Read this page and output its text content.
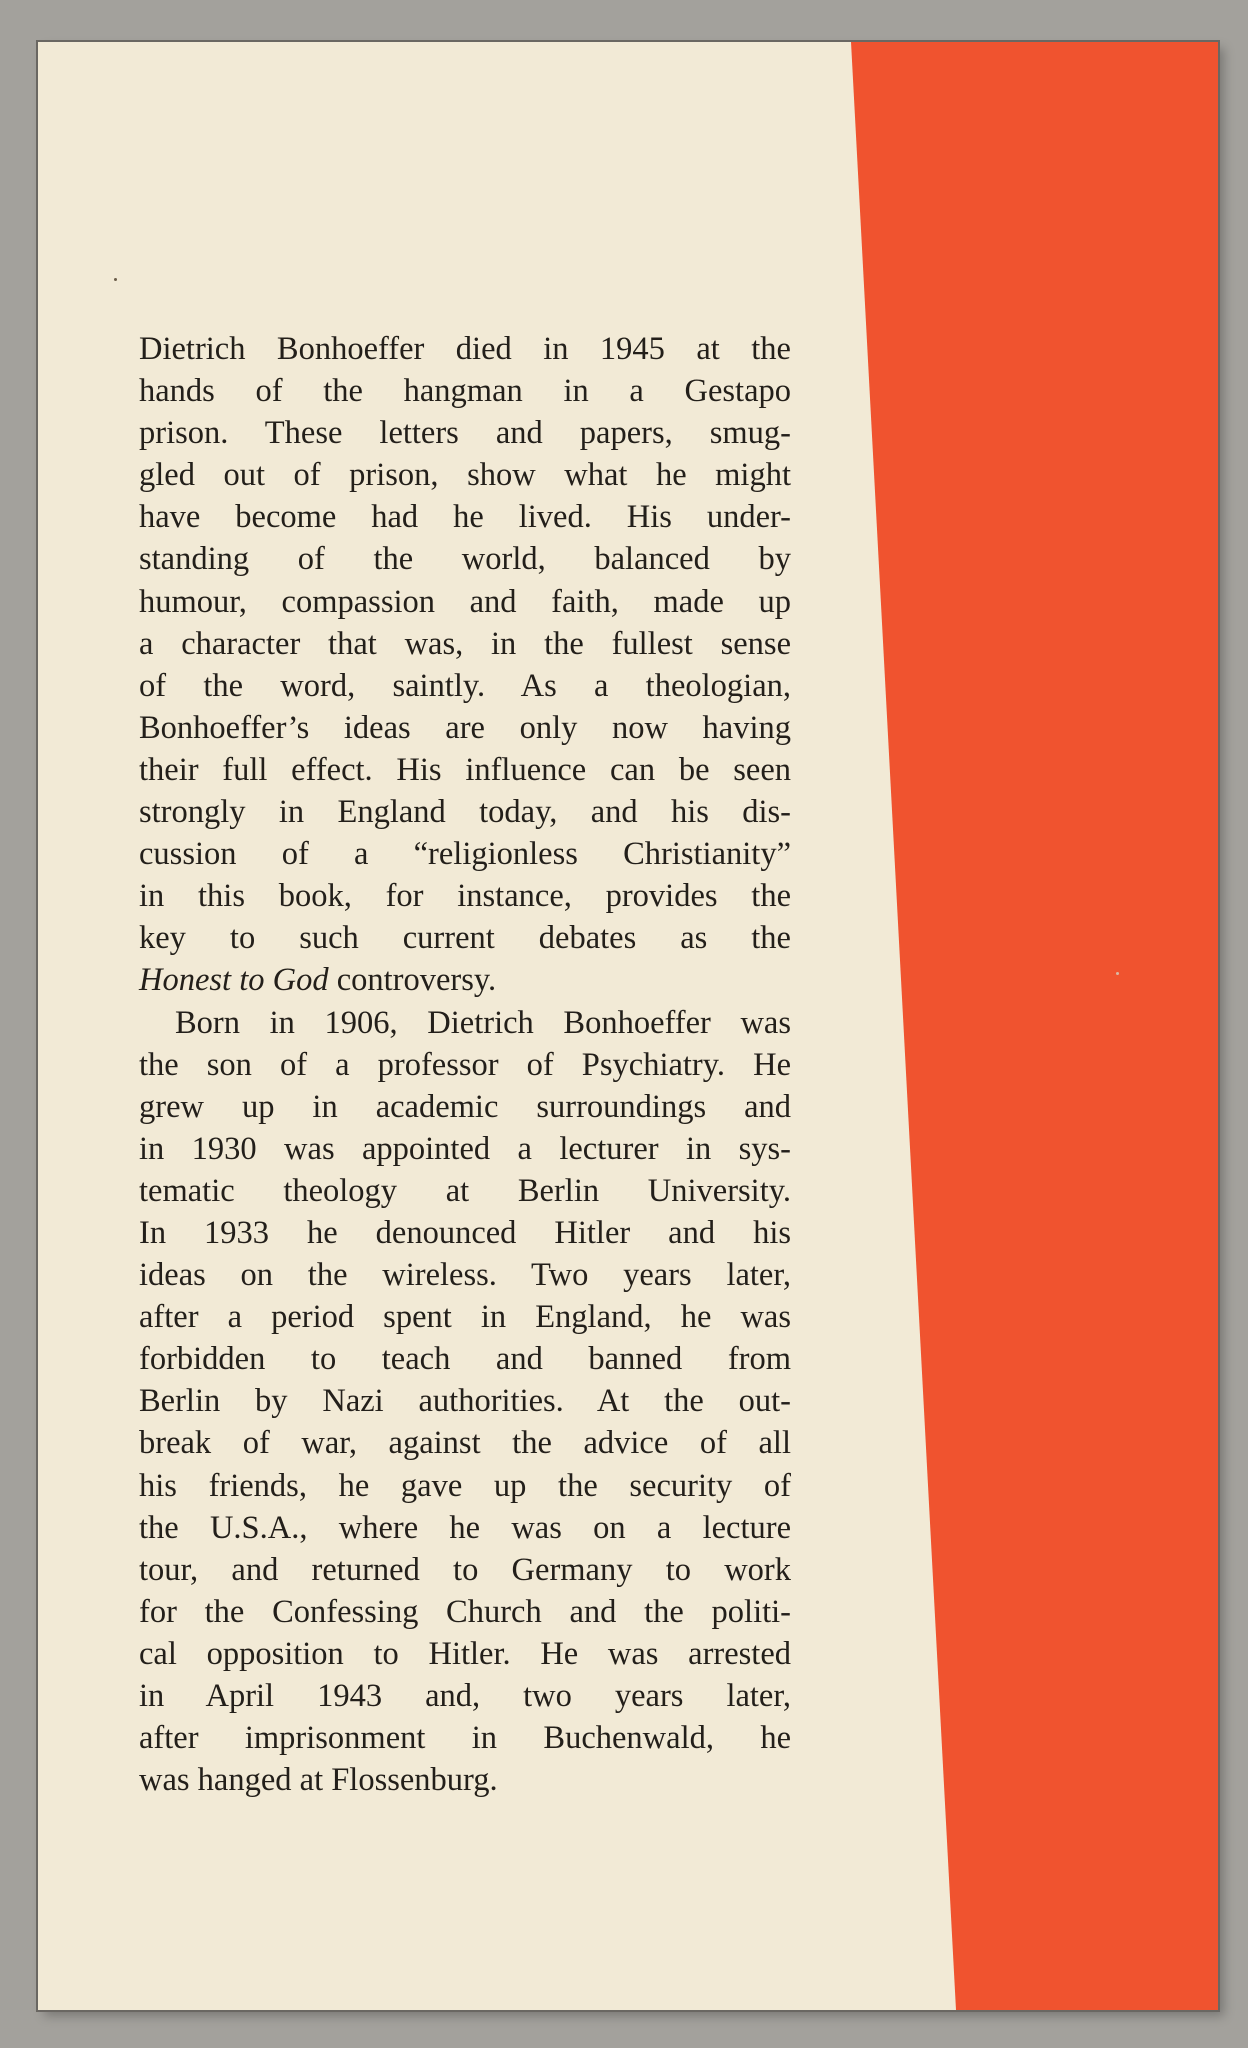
Dietrich Bonhoeffer died in 1945 at the

hands of the hangman in a Gestapo

prison. These letters and papers, smug-

gled out of prison, show what he might

have become had he lived. His under-

standing of the world, balanced by

humour, compassion and faith, made up

a character that was, in the fullest sense

of the word, saintly. As a theologian,

Bonhoeffer’s ideas are only now having

their full effect. His influence can be seen

strongly in England today, and his dis-

cussion of a “religionless Christianity”

in this book, for instance, provides the

key to such current debates as the

Honest to God controversy.

Born in 1906, Dietrich Bonhoeffer was

the son of a professor of Psychiatry. He

grew up in academic surroundings and

in 1930 was appointed a lecturer in sys-

tematic theology at Berlin University.

In 1933 he denounced Hitler and his

ideas on the wireless. Two years later,

after a period spent in England, he was

forbidden to teach and banned from

Berlin by Nazi authorities. At the out-

break of war, against the advice of all

his friends, he gave up the security of

the U.S.A., where he was on a lecture

tour, and returned to Germany to work

for the Confessing Church and the politi-

cal opposition to Hitler. He was arrested

in April 1943 and, two years later,

after imprisonment in Buchenwald, he

was hanged at Flossenburg.
